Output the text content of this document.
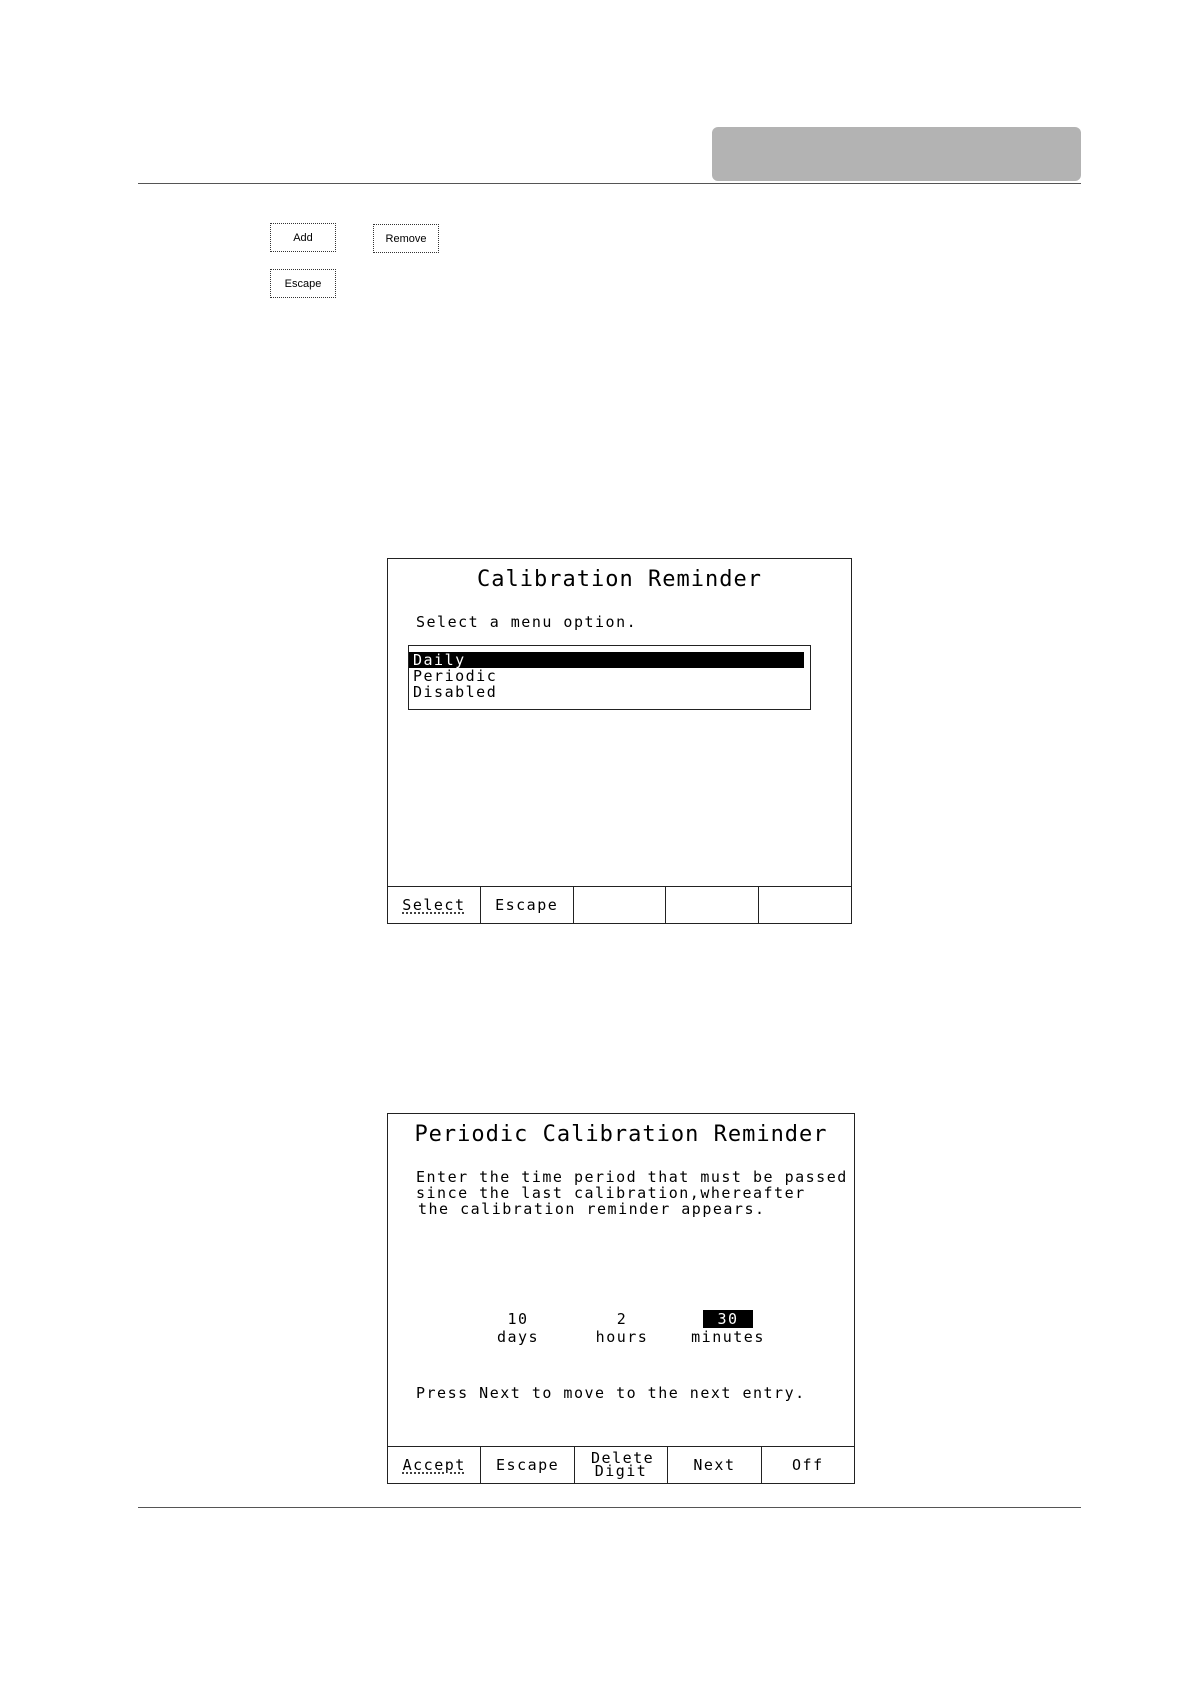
Add	Remove
Escape
Calibration Reminder
Select a menu option.
Daily
Periodic
Disabled
Select Escape
Periodic Calibration Reminder
Enter the time period that must be passed
since the last calibration,whereafter
the calibration reminder appears.
10
days
2
hours
30
minutes
Press Next to move to the next entry.
Accept Escape Delete Digit	Next	Off
